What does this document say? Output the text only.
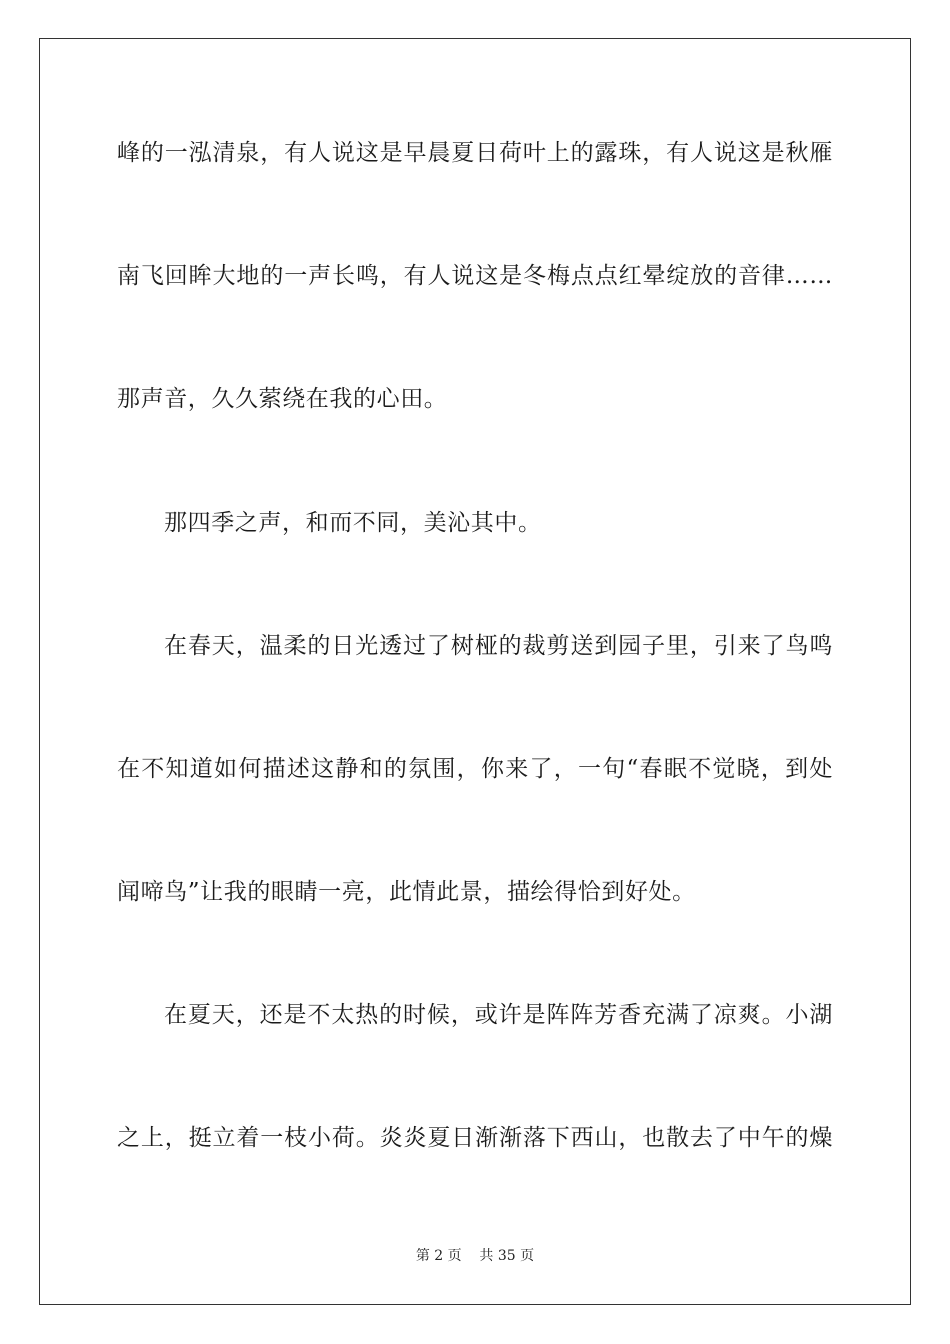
峰的一泓清泉，有人说这是早晨夏日荷叶上的露珠，有人说这是秋雁
南飞回眸大地的一声长鸣，有人说这是冬梅点点红晕绽放的音律……
那声音，久久萦绕在我的心田。
那四季之声，和而不同，美沁其中。
在春天，温柔的日光透过了树桠的裁剪送到园子里，引来了鸟鸣
在不知道如何描述这静和的氛围，你来了，一句“春眠不觉晓，到处
闻啼鸟”让我的眼睛一亮，此情此景，描绘得恰到好处。
在夏天，还是不太热的时候，或许是阵阵芳香充满了凉爽。小湖
之上，挺立着一枝小荷。炎炎夏日渐渐落下西山，也散去了中午的燥
第 2 页    共 35 页
